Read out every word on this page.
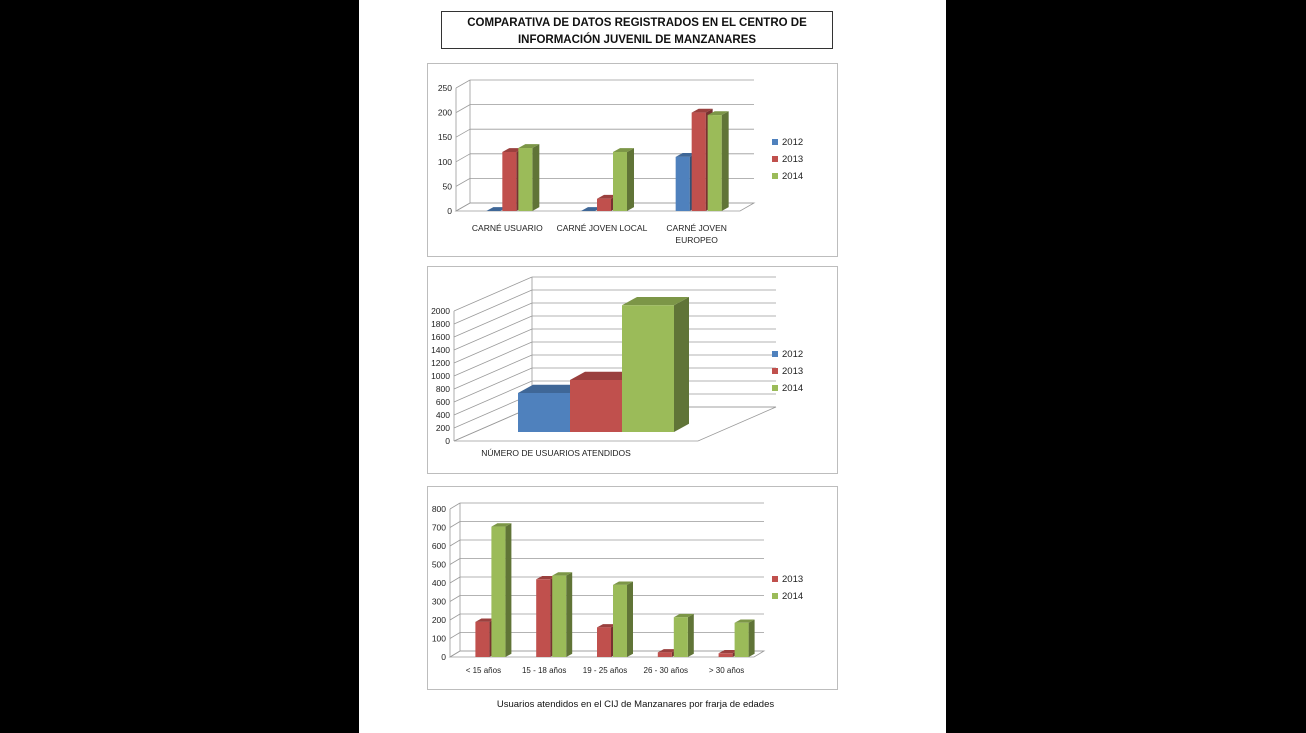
COMPARATIVA DE DATOS REGISTRADOS EN EL CENTRO DE
INFORMACIÓN JUVENIL DE MANZANARES
0
50
100
150
200
250
CARNÉ USUARIO CARNÉ JOVEN LOCAL CARNÉ JOVEN
EUROPEO
2012
2013
2014
0
200
400
600
800
1000
1200
1400
1600
1800
2000
NÚMERO DE USUARIOS ATENDIDOS
2012
2013
2014
0
100
200
300
400
500
600
700
800
< 15 años	15 - 18 años 19 - 25 años 26 - 30 años	> 30 años
2013
2014
Usuarios atendidos en el CIJ de Manzanares por frarja de edades
